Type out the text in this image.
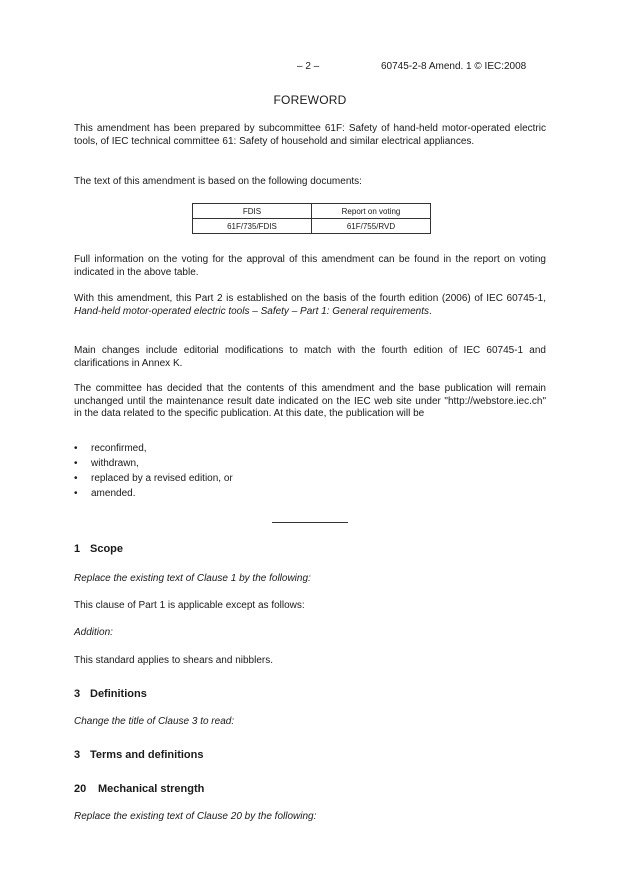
– 2 –	60745-2-8 Amend. 1 © IEC:2008
FOREWORD

This amendment has been prepared by subcommittee 61F: Safety of hand-held motor-operated electric tools, of IEC technical committee 61: Safety of household and similar electrical appliances.

The text of this amendment is based on the following documents:

FDIS	Report on voting
61F/735/FDIS	61F/755/RVD

Full information on the voting for the approval of this amendment can be found in the report on voting indicated in the above table.

With this amendment, this Part 2 is established on the basis of the fourth edition (2006) of IEC 60745-1, Hand-held motor-operated electric tools – Safety – Part 1: General requirements.

Main changes include editorial modifications to match with the fourth edition of IEC 60745-1 and clarifications in Annex K.

The committee has decided that the contents of this amendment and the base publication will remain unchanged until the maintenance result date indicated on the IEC web site under "http://webstore.iec.ch" in the data related to the specific publication. At this date, the publication will be

• reconfirmed,
• withdrawn,
• replaced by a revised edition, or
• amended.
1 Scope

Replace the existing text of Clause 1 by the following:

This clause of Part 1 is applicable except as follows:

Addition:

This standard applies to shears and nibblers.

3 Definitions

Change the title of Clause 3 to read:

3 Terms and definitions
20 Mechanical strength

Replace the existing text of Clause 20 by the following:
